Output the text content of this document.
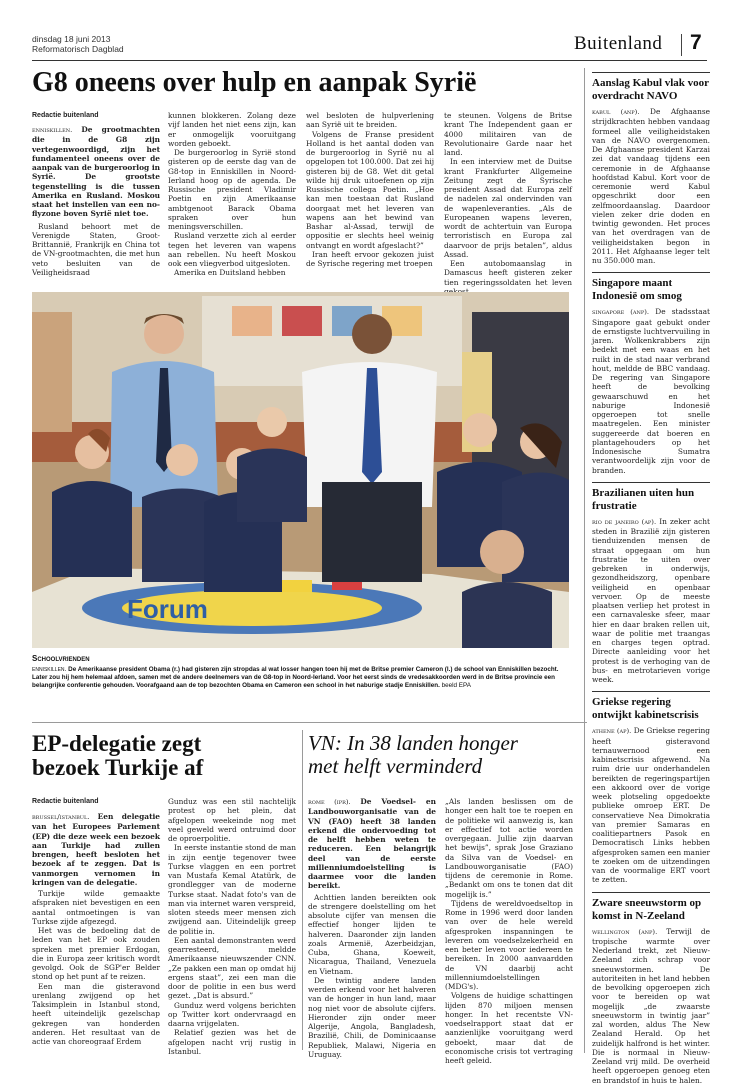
dinsdag 18 juni 2013
Reformatorisch Dagblad	Buitenland 7
G8 oneens over hulp en aanpak Syrië
Redactie buitenland

enniskillen. De grootmachten die in de G8 zijn vertegenwoordigd, zijn het fundamenteel oneens over de aanpak van de burgeroorlog in Syrië. De grootste tegenstelling is die tussen Amerika en Rusland. Moskou staat het instellen van een no-flyzone boven Syrië niet toe.

Rusland behoort met de Verenigde Staten, Groot-Brittannië, Frankrijk en China tot de VN-grootmachten, die met hun veto besluiten van de Veiligheidsraad

kunnen blokkeren. Zolang deze vijf landen het niet eens zijn, kan er onmogelijk vooruitgang worden geboekt.

De burgeroorlog in Syrië stond gisteren op de eerste dag van de G8-top in Enniskillen in Noord-Ierland hoog op de agenda. De Russische president Vladimir Poetin en zijn Amerikaanse ambtgenoot Barack Obama spraken over hun meningsverschillen.

Rusland verzette zich al eerder tegen het leveren van wapens aan rebellen. Nu heeft Moskou ook een vliegverbod uitgesloten.

Amerika en Duitsland hebben

wel besloten de hulpverlening aan Syrië uit te breiden.

Volgens de Franse president Holland is het aantal doden van de burgeroorlog in Syrië nu al opgelopen tot 100.000. Dat zei hij gisteren bij de G8. Wet dit getal wilde hij druk uitoefenen op zijn Russische collega Poetin. „Hoe kan men toestaan dat Rusland doorgaat met het leveren van wapens aan het bewind van Bashar al-Assad, terwijl de oppositie er slechts heel weinig ontvangt en wordt afgeslacht?”

Iran heeft ervoor gekozen juist de Syrische regering met troepen

te steunen. Volgens de Britse krant The Independent gaan er 4000 militairen van de Revolutionaire Garde naar het land.

In een interview met de Duitse krant Frankfurter Allgemeine Zeitung zegt de Syrische president Assad dat Europa zelf de nadelen zal ondervinden van de wapenleveranties. „Als de Europeanen wapens leveren, wordt de achtertuin van Europa terroristisch en Europa zal daarvoor de prijs betalen”, aldus Assad.

Een autobomaanslag in Damascus heeft gisteren zeker tien regeringssoldaten het leven

Forum
Schoolvrienden
enniskillen. De Amerikaanse president Obama (r.) had gisteren zijn stropdas al wat losser hangen toen hij met de Britse premier Cameron (l.) de school van Enniskillen bezocht. Later zou hij hem helemaal afdoen, samen met de andere deelnemers van de G8-top in Noord-Ierland. Voor het eerst sinds de vredesakkoorden werd in de Britse provincie een belangrijke conferentie gehouden. Voorafgaand aan de top bezochten Obama en Cameron een school in het naburige stadje Enniskillen. beeld EPA
EP-delegatie zegt
bezoek Turkije af
Redactie buitenland

brussel/istanbul. Een delegatie van het Europees Parlement (EP) die deze week een bezoek aan Turkije had zullen brengen, heeft besloten het bezoek af te zeggen. Dat is vanmorgen vernomen in kringen van de delegatie.

Turkije wilde gemaakte afspraken niet bevestigen en een aantal ontmoetingen is van Turkse zijde afgezegd.

Het was de bedoeling dat de leden van het EP ook zouden spreken met premier Erdogan, die in Europa zeer kritisch wordt gevolgd. Ook de SGP'er Belder stond op het punt af te reizen.

Een man die gisteravond urenlang zwijgend op het Taksimplein in Istanbul stond, heeft uiteindelijk gezelschap gekregen van honderden anderen. Het resultaat van de actie van choreograaf Erdem

Gunduz was een stil nachtelijk protest op het plein, dat afgelopen weekeinde nog met veel geweld werd ontruimd door de oproerpolitie.

In eerste instantie stond de man in zijn eentje tegenover twee Turkse vlaggen en een portret van Mustafa Kemal Atatürk, de grondlegger van de moderne Turkse staat. Nadat foto's van de man via internet waren verspreid, sloten steeds meer mensen zich zwijgend aan. Uiteindelijk greep de politie in.

Een aantal demonstranten werd gearresteerd, meldde Amerikaanse nieuwszender CNN. „Ze pakken een man op omdat hij ergens staat”, zei een man die door de politie in een bus werd gezet. „Dat is absurd.”

Gunduz werd volgens berichten op Twitter kort ondervraagd en daarna vrijgelaten.

Relatief gezien was het de afgelopen nacht vrij rustig in Istanbul.

VN: In 38 landen honger
met helft verminderd

rome (ipr). De Voedsel- en Landbouworganisatie van de VN (FAO) heeft 38 landen erkend die ondervoeding tot de helft hebben weten te reduceren. Een belangrijk deel van de eerste millenniumdoelstelling is daarmee voor die landen bereikt.

Achttien landen bereikten ook de strengere doelstelling om het absolute cijfer van mensen die effectief honger lijden te halveren. Daaronder zijn landen zoals Armenië, Azerbeidzjan, Cuba, Ghana, Koeweit, Nicaragua, Thailand, Venezuela en Vietnam.

De twintig andere landen werden erkend voor het halveren van de honger in hun land, maar nog niet voor de absolute cijfers. Hieronder zijn onder meer Algerije, Angola, Bangladesh, Brazilië, Chili, de Dominicaanse Republiek, Malawi, Nigeria en Uruguay.

„Als landen beslissen om de honger een halt toe te roepen en de politieke wil aanwezig is, kan er effectief tot actie worden overgegaan. Jullie zijn daarvan het bewijs”, sprak Jose Graziano da Silva van de Voedsel- en Landbouworganisatie (FAO) tijdens de ceremonie in Rome. „Bedankt om ons te tonen dat dit mogelijk is.”

Tijdens de wereldvoedseltop in Rome in 1996 werd door landen van over de hele wereld afgesproken inspanningen te leveren om voedselzekerheid en een beter leven voor iedereen te bereiken. In 2000 aanvaardden de VN daarbij acht millenniumdoelstellingen (MDG's).

Volgens de huidige schattingen lijden 870 miljoen mensen honger. In het recentste VN-voedselrapport staat dat er aanzienlijke vooruitgang werd geboekt, maar dat de economische crisis tot vertraging heeft geleid.

Aanslag Kabul vlak voor overdracht NAVO
kabul (anp). De Afghaanse strijdkrachten hebben vandaag formeel alle veiligheidstaken van de NAVO overgenomen. De Afghaanse president Karzai zei dat vandaag tijdens een ceremonie in de Afghaanse hoofdstad Kabul. Kort voor de ceremonie werd Kabul opgeschrikt door een zelfmoordaanslag. Daardoor vielen zeker drie doden en twintig gewonden. Het proces van het overdragen van de veiligheidstaken begon in 2011. Het Afghaanse leger telt nu 350.000 man.
Singapore maant Indonesië om smog
singapore (anp). De stadsstaat Singapore gaat gebukt onder de ernstigste luchtvervuiling in jaren. Wolkenkrabbers zijn bedekt met een waas en het ruikt in de stad naar verbrand hout, meldde de BBC vandaag. De regering van Singapore heeft de bevolking gewaarschuwd en het naburige Indonesië opgeroepen tot snelle maatregelen. Een minister suggereerde dat boeren en plantagehouders op het Indonesische Sumatra verantwoordelijk zijn voor de branden.
Brazilianen uiten hun frustratie
rio de janeiro (ap). In zeker acht steden in Brazilië zijn gisteren tienduizenden mensen de straat opgegaan om hun frustratie te uiten over gebreken in onderwijs, gezondheidszorg, openbare veiligheid en openbaar vervoer. Op de meeste plaatsen verliep het protest in een carnavaleske sfeer, maar hier en daar braken rellen uit, waar de politie met traangas en charges tegen optrad. Directe aanleiding voor het protest is de verhoging van de bus- en metrotarieven vorige week.
Griekse regering ontwijkt kabinetscrisis
athene (ap). De Griekse regering heeft gisteravond ternauwernood een kabinetscrisis afgewend. Na ruim drie uur onderhandelen bereikten de regeringspartijen een akkoord over de vorige week plotseling opgedoekte publieke omroep ERT. De conservatieve Nea Dimokratia van premier Samaras en coalitiepartners Pasok en Democratisch Links hebben afgesproken samen een manier te zoeken om de uitzendingen van de voormalige ERT voort te zetten.
Zware sneeuwstorm op komst in N-Zeeland
wellington (anp). Terwijl de tropische warmte over Nederland trekt, zet Nieuw-Zeeland zich schrap voor sneeuwstormen. De autoriteiten in het land hebben de bevolking opgeroepen zich voor te bereiden op wat mogelijk „de zwaarste sneeuwstorm in twintig jaar” zal worden, aldus The New Zealand Herald. Op het zuidelijk halfrond is het winter. Die is normaal in Nieuw-Zeeland vrij mild. De overheid heeft opgeroepen genoeg eten en brandstof in huis te halen.
